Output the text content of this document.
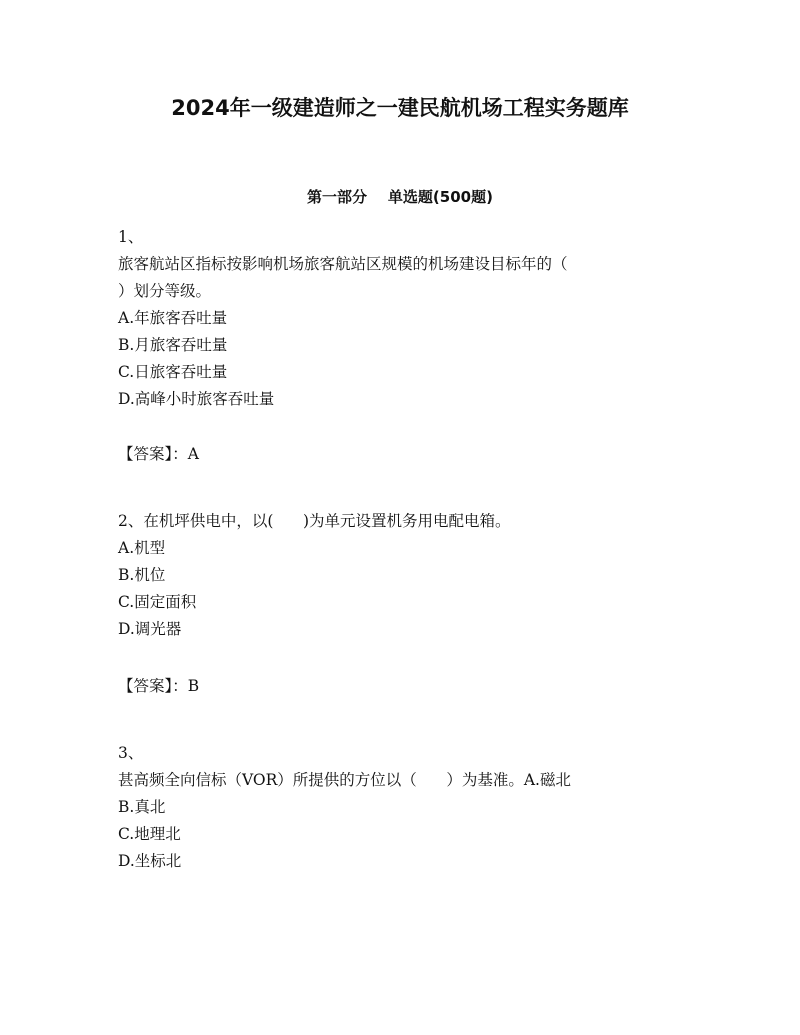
2024年一级建造师之一建民航机场工程实务题库
第一部分    单选题(500题)

1、

旅客航站区指标按影响机场旅客航站区规模的机场建设目标年的（

）划分等级。

A.年旅客吞吐量

B.月旅客吞吐量

C.日旅客吞吐量

D.高峰小时旅客吞吐量

【答案】：A

2、在机坪供电中，以(      )为单元设置机务用电配电箱。

A.机型

B.机位

C.固定面积

D.调光器

【答案】：B

3、

甚高频全向信标（VOR）所提供的方位以（      ）为基准。A.磁北

B.真北

C.地理北

D.坐标北
